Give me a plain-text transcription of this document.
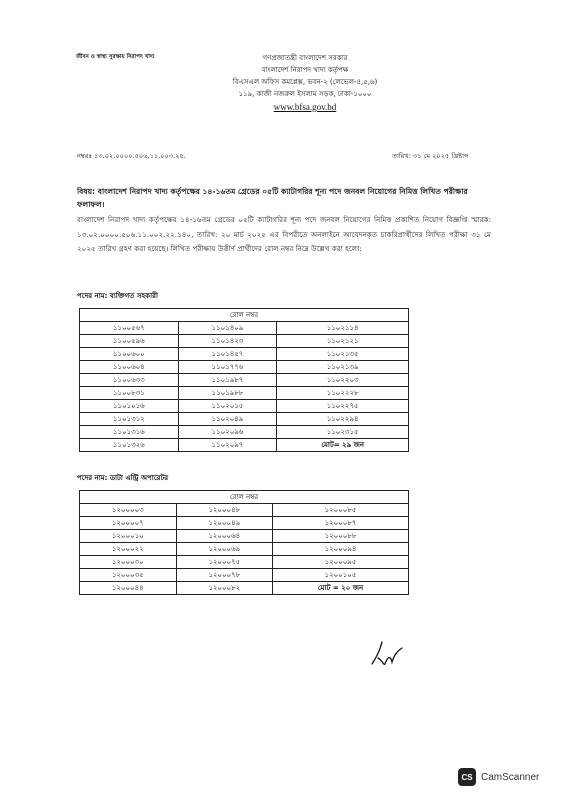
জীবন ও স্বাস্থ্য সুরক্ষায় নিরাপদ খাদ্য	গণপ্রজাতন্ত্রী বাংলাদেশ সরকার
বাংলাদেশ নিরাপদ খাদ্য কর্তৃপক্ষ
বিএসএল অফিস কমপ্লেক্স, ভবন-২ (লেভেল-৪,৫,৬)
১১৯, কাজী নজরুল ইসলাম সড়ক, ঢাকা-১০০০
www.bfsa.gov.bd
নম্বরঃ ১৩.০২.০০০০.৫০৬.১১.০০৩.২৫.	তারিখ: ৩১ মে ২০২৫ খ্রিষ্টাব্দ
বিষয়: বাংলাদেশ নিরাপদ খাদ্য কর্তৃপক্ষের ১৪-১৬তম গ্রেডের ০৫টি ক্যাটাগরির শূন্য পদে জনবল নিয়োগের নিমিত্ত লিখিত পরীক্ষার ফলাফল।
বাংলাদেশ নিরাপদ খাদ্য কর্তৃপক্ষের ১৪-১৬তম গ্রেডের ০৫টি ক্যাটাগরির শূন্য পদে জনবল নিয়োগের নিমিত্ত প্রকাশিত নিয়োগ বিজ্ঞপ্তি স্মারক: ১৩.০২.০০০০.৫০৬.১১.০০২.২২.১৪০, তারিখ: ২০ মার্চ ২০২৫ এর বিপরীতে অনলাইনে আবেদনকৃত চাকরিপ্রার্থীদের লিখিত পরীক্ষা ৩১ মে ২০২৫ তারিখ গ্রহণ করা হয়েছে। লিখিত পরীক্ষায় উত্তীর্ণ প্রার্থীদের রোল নম্বর নিম্নে উল্লেখ করা হলো:
পদের নাম: ব্যক্তিগত সহকারী
রোল নম্বর		
১১০০৫৬৭	১১০১৪০৯	১১০২১১৪
১১০০৫৯৬	১১০১৪২৩	১১০২১২১
১১০০৬০০	১১০১৪৫৭	১১০২১৩৫
১১০০৬০৪	১১০১৭৭৬	১১০২১৩৯
১১০০৬৩৩	১১০১৯৮৭	১১০২২০৩
১১০০৮৩১	১১০১৯৮৮	১১০২২২৮
১১০১০১৬	১১০২০১৫	১১০২২৭৫
১১০১৩১২	১১০২০৪৯	১১০২২৯৪
১১০১৩১৬	১১০২০৯৬	১১০২৩১৫
১১০১৩২৬	১১০২০৯৭	মোট= ২৯ জন
পদের নাম: ডাটা এন্ট্রি অপারেটর
রোল নম্বর		
১২০০০০৩	১২০০০৪৮	১২০০০৮৫
১২০০০০৭	১২০০০৪৯	১২০০০৮৭
১২০০০১০	১২০০০৬৪	১২০০০৮৮
১২০০০২২	১২০০০৬৯	১২০০০৯৪
১২০০০৩০	১২০০০৭৫	১২০০০৯৫
১২০০০৩৫	১২০০০৭৮	১২০০১০৫
১২০০০৪৪	১২০০০৮২	মোট = ২০ জন
CS CamScanner
